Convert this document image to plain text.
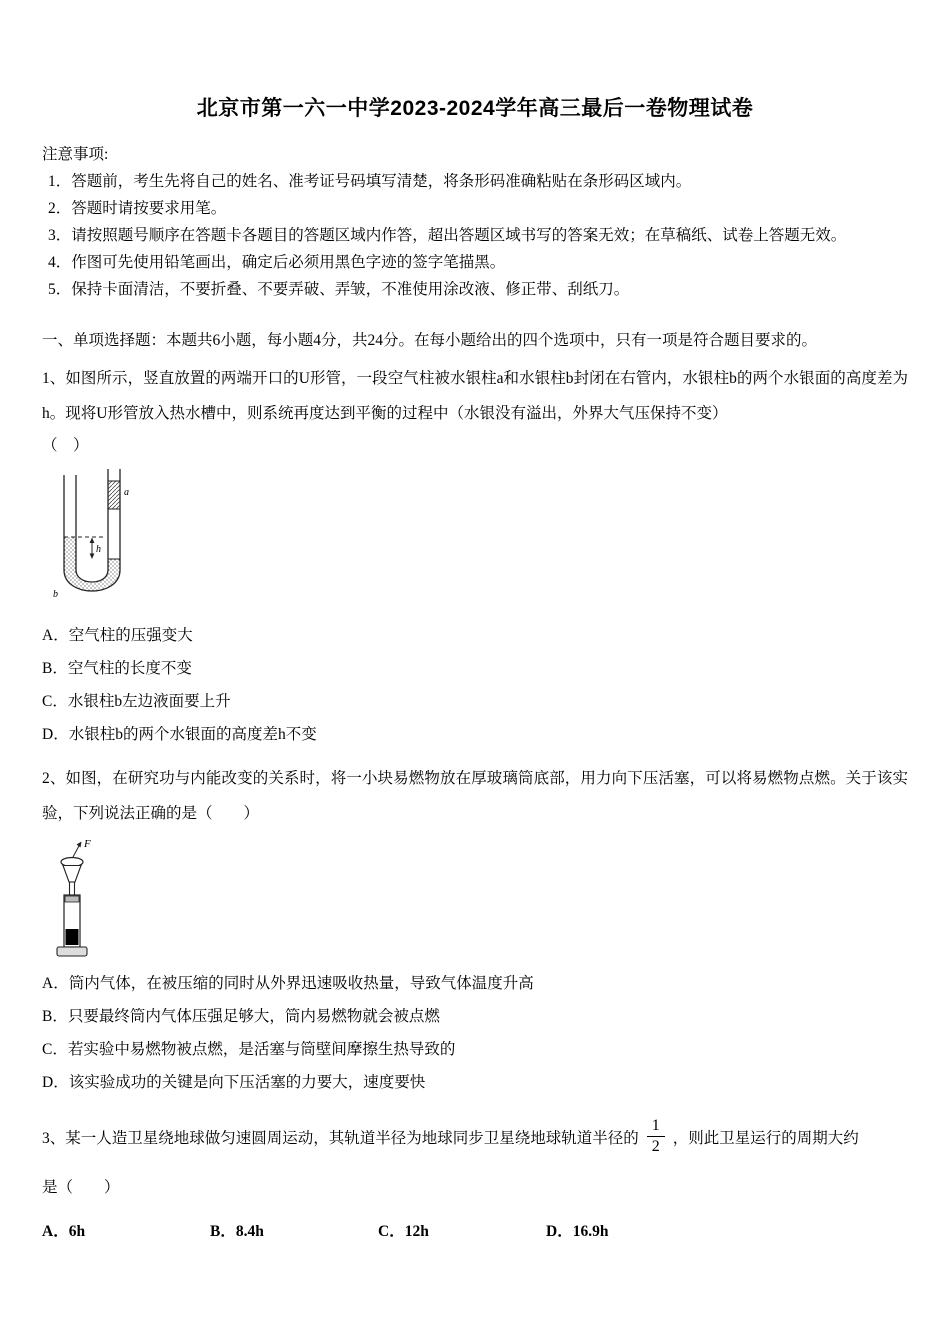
北京市第一六一中学2023-2024学年高三最后一卷物理试卷
注意事项:
1．答题前，考生先将自己的姓名、准考证号码填写清楚，将条形码准确粘贴在条形码区域内。
2．答题时请按要求用笔。
3．请按照题号顺序在答题卡各题目的答题区域内作答，超出答题区域书写的答案无效；在草稿纸、试卷上答题无效。
4．作图可先使用铅笔画出，确定后必须用黑色字迹的签字笔描黑。
5．保持卡面清洁，不要折叠、不要弄破、弄皱，不准使用涂改液、修正带、刮纸刀。

一、单项选择题：本题共6小题，每小题4分，共24分。在每小题给出的四个选项中，只有一项是符合题目要求的。

1、如图所示，竖直放置的两端开口的U形管，一段空气柱被水银柱a和水银柱b封闭在右管内，水银柱b的两个水银面的高度差为h。现将U形管放入热水槽中，则系统再度达到平衡的过程中（水银没有溢出，外界大气压保持不变）

（　）

h
a
b

A．空气柱的压强变大

B．空气柱的长度不变

C．水银柱b左边液面要上升

D．水银柱b的两个水银面的高度差h不变

2、如图，在研究功与内能改变的关系时，将一小块易燃物放在厚玻璃筒底部，用力向下压活塞，可以将易燃物点燃。关于该实验，下列说法正确的是（　　）

F

A．筒内气体，在被压缩的同时从外界迅速吸收热量，导致气体温度升高

B．只要最终筒内气体压强足够大，筒内易燃物就会被点燃

C．若实验中易燃物被点燃，是活塞与筒壁间摩擦生热导致的

D．该实验成功的关键是向下压活塞的力要大，速度要快

3、某一人造卫星绕地球做匀速圆周运动，其轨道半径为地球同步卫星绕地球轨道半径的 $\frac{1}{2}$ ，则此卫星运行的周期大约

是（　　）

A．6h	B．8.4h	C．12h	D．16.9h
